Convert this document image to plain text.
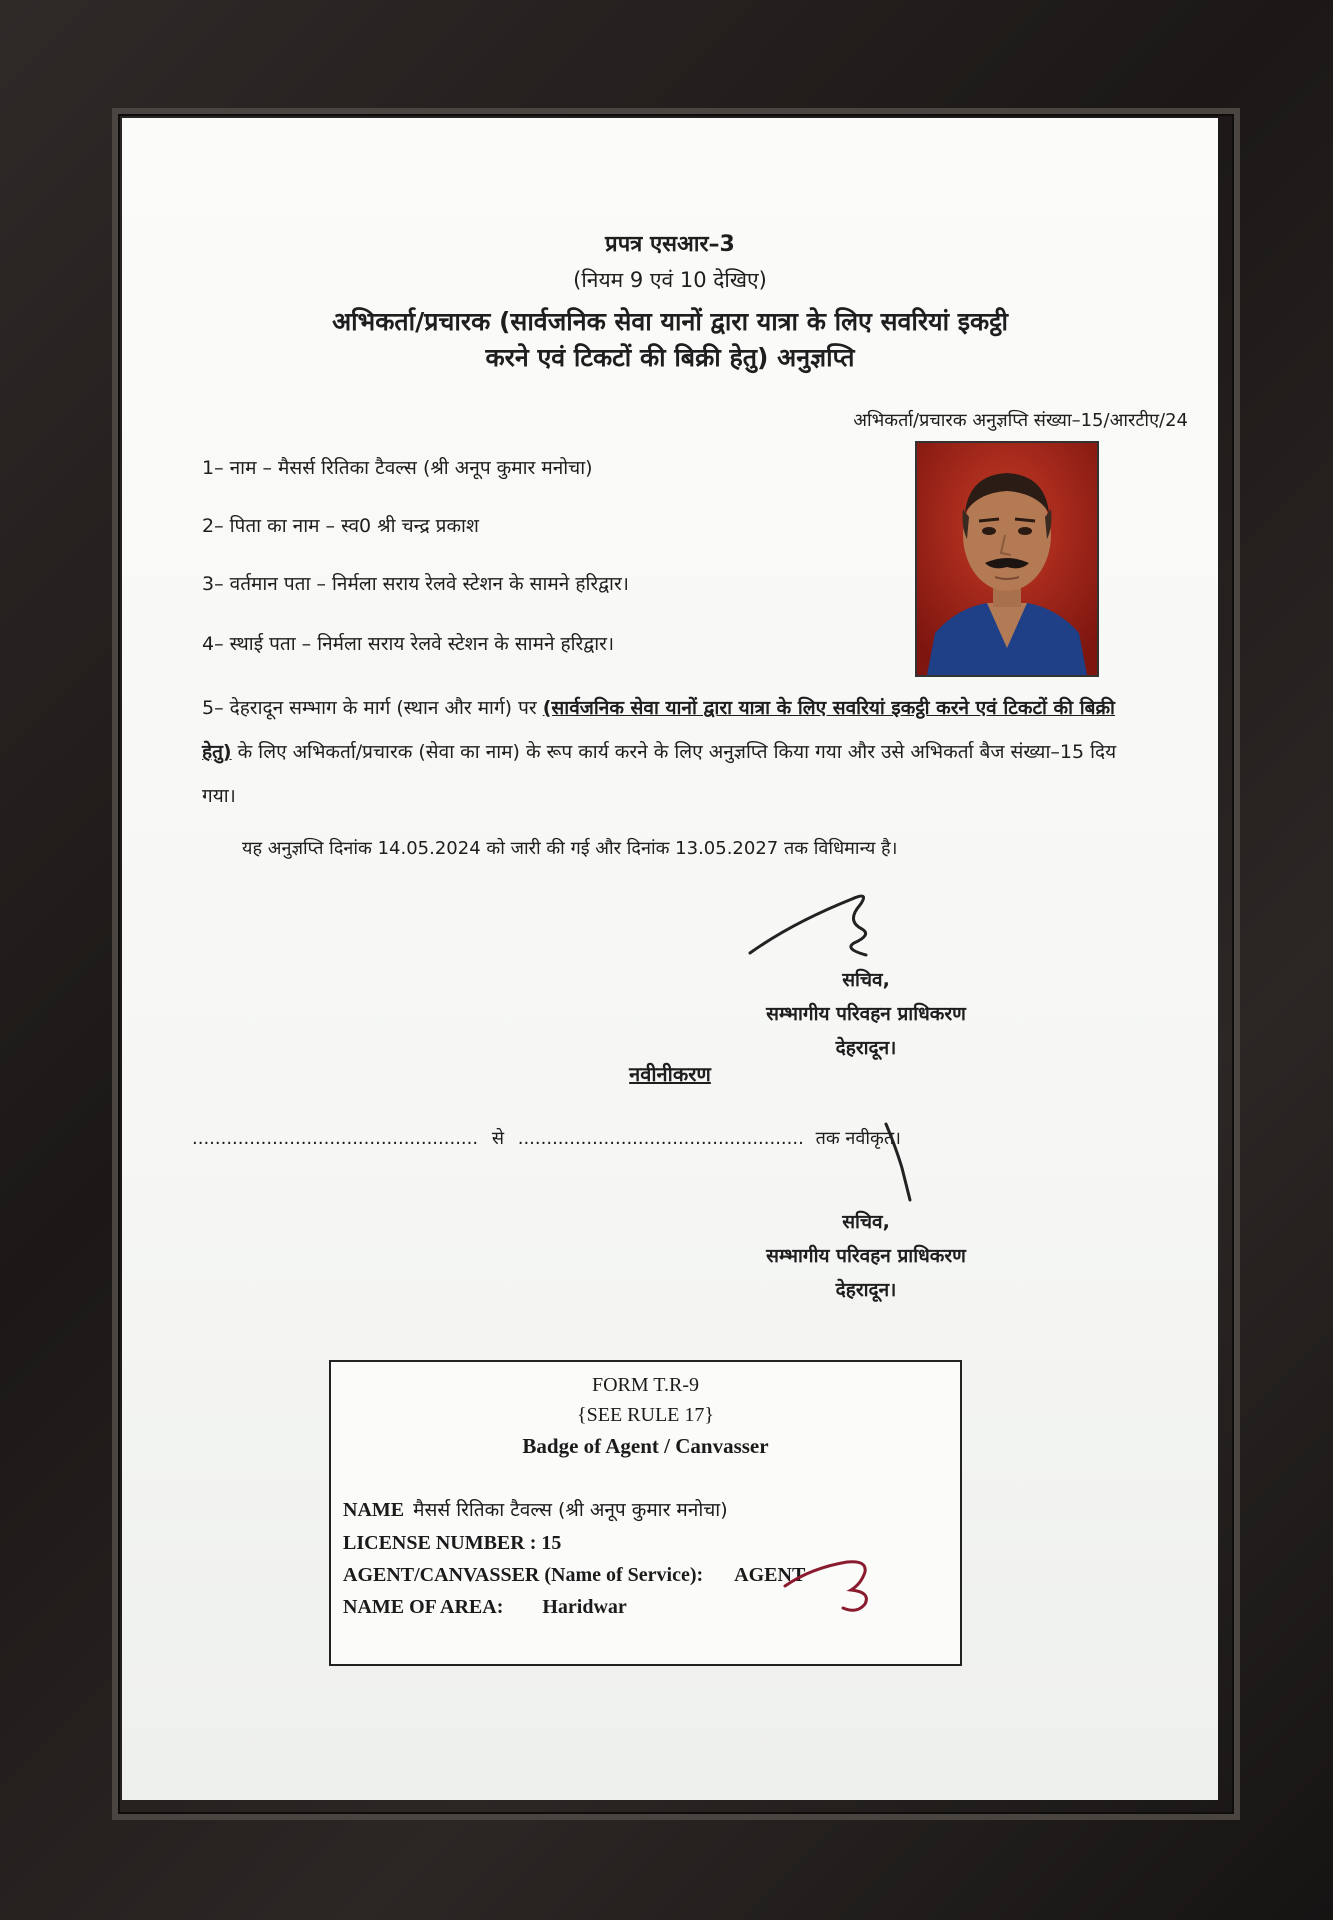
प्रपत्र एसआर–3
(नियम 9 एवं 10 देखिए)
अभिकर्ता/प्रचारक (सार्वजनिक सेवा यानों द्वारा यात्रा के लिए सवरियां इकट्ठी
करने एवं टिकटों की बिक्री हेतु) अनुज्ञप्ति
अभिकर्ता/प्रचारक अनुज्ञप्ति संख्या–15/आरटीए/24
1– नाम – मैसर्स रितिका टैवल्स (श्री अनूप कुमार मनोचा)
2– पिता का नाम – स्व0 श्री चन्द्र प्रकाश
3– वर्तमान पता – निर्मला सराय रेलवे स्टेशन के सामने हरिद्वार।
4– स्थाई पता – निर्मला सराय रेलवे स्टेशन के सामने हरिद्वार।
5– देहरादून सम्भाग के मार्ग (स्थान और मार्ग) पर (सार्वजनिक सेवा यानों द्वारा यात्रा के लिए सवरियां इकट्ठी करने एवं टिकटों की बिक्री हेतु) के लिए अभिकर्ता/प्रचारक (सेवा का नाम) के रूप कार्य करने के लिए अनुज्ञप्ति किया गया और उसे अभिकर्ता बैज संख्या–15 दिय गया।
यह अनुज्ञप्ति दिनांक 14.05.2024 को जारी की गई और दिनांक 13.05.2027 तक विधिमान्य है।
सचिव,
सम्भागीय परिवहन प्राधिकरण
देहरादून।
नवीनीकरण
.................................................. से .................................................. तक नवीकृत।
सचिव,
सम्भागीय परिवहन प्राधिकरण
देहरादून।
FORM T.R-9
{SEE RULE 17}
Badge of Agent / Canvasser
NAME मैसर्स रितिका टैवल्स (श्री अनूप कुमार मनोचा)
LICENSE NUMBER : 15
AGENT/CANVASSER (Name of Service): AGENT
NAME OF AREA: Haridwar
